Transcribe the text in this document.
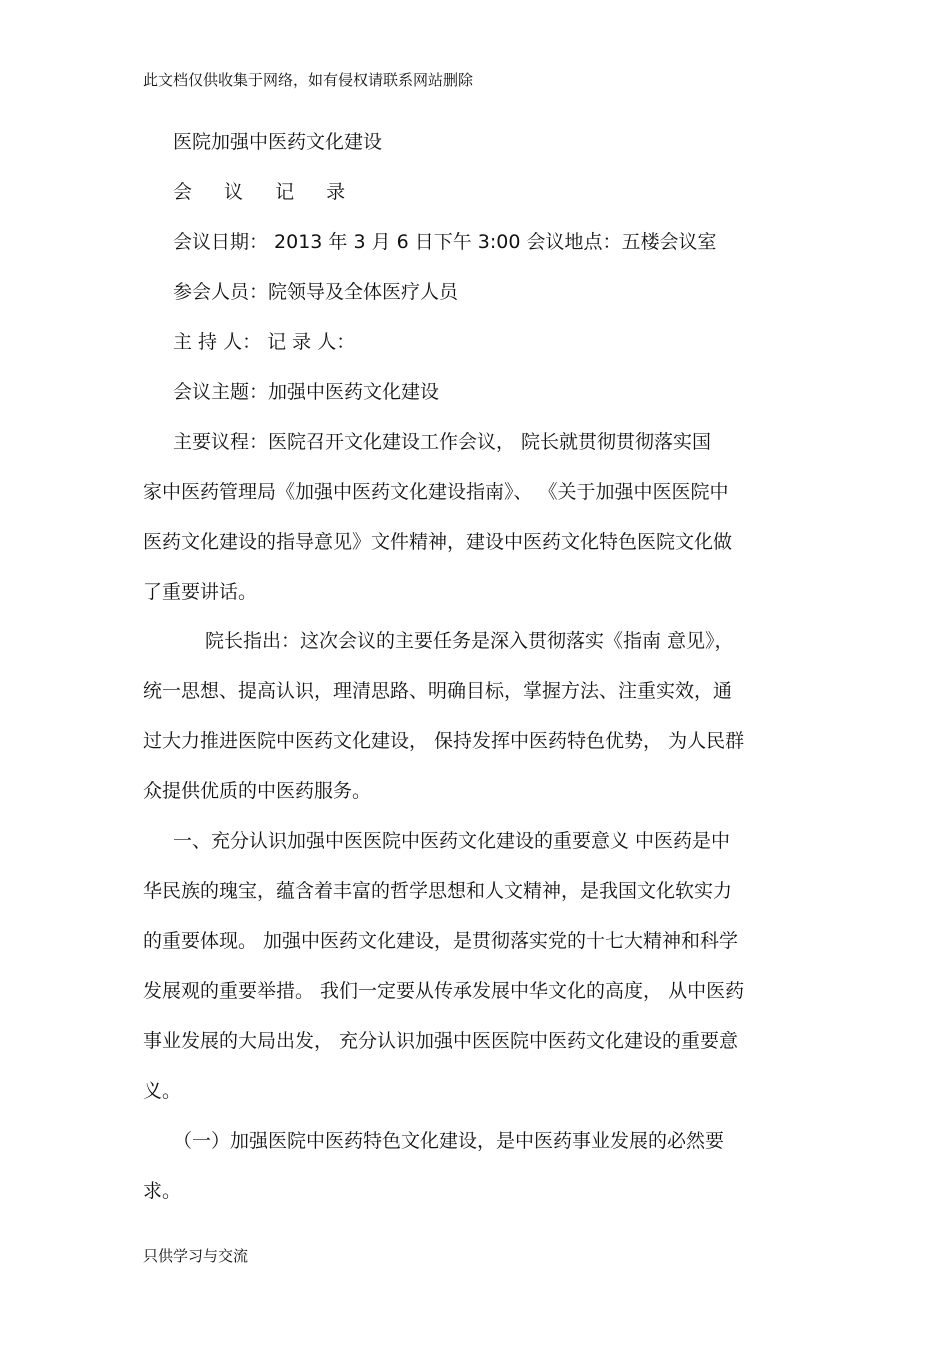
此文档仅供收集于网络，如有侵权请联系网站删除
医院加强中医药文化建设
会 议 记 录
会议日期： 2013 年 3 月 6 日下午 3:00 会议地点：五楼会议室
参会人员：院领导及全体医疗人员
主 持 人： 记 录 人：
会议主题：加强中医药文化建设
主要议程：医院召开文化建设工作会议， 院长就贯彻贯彻落实国
家中医药管理局《加强中医药文化建设指南》、 《关于加强中医医院中
医药文化建设的指导意见》文件精神，建设中医药文化特色医院文化做
了重要讲话。
院长指出：这次会议的主要任务是深入贯彻落实《指南 意见》，
统一思想、提高认识，理清思路、明确目标，掌握方法、注重实效，通
过大力推进医院中医药文化建设， 保持发挥中医药特色优势， 为人民群
众提供优质的中医药服务。
一、充分认识加强中医医院中医药文化建设的重要意义 中医药是中
华民族的瑰宝，蕴含着丰富的哲学思想和人文精神，是我国文化软实力
的重要体现。 加强中医药文化建设，是贯彻落实党的十七大精神和科学
发展观的重要举措。 我们一定要从传承发展中华文化的高度， 从中医药
事业发展的大局出发， 充分认识加强中医医院中医药文化建设的重要意
义。
（一）加强医院中医药特色文化建设，是中医药事业发展的必然要
求。
只供学习与交流
